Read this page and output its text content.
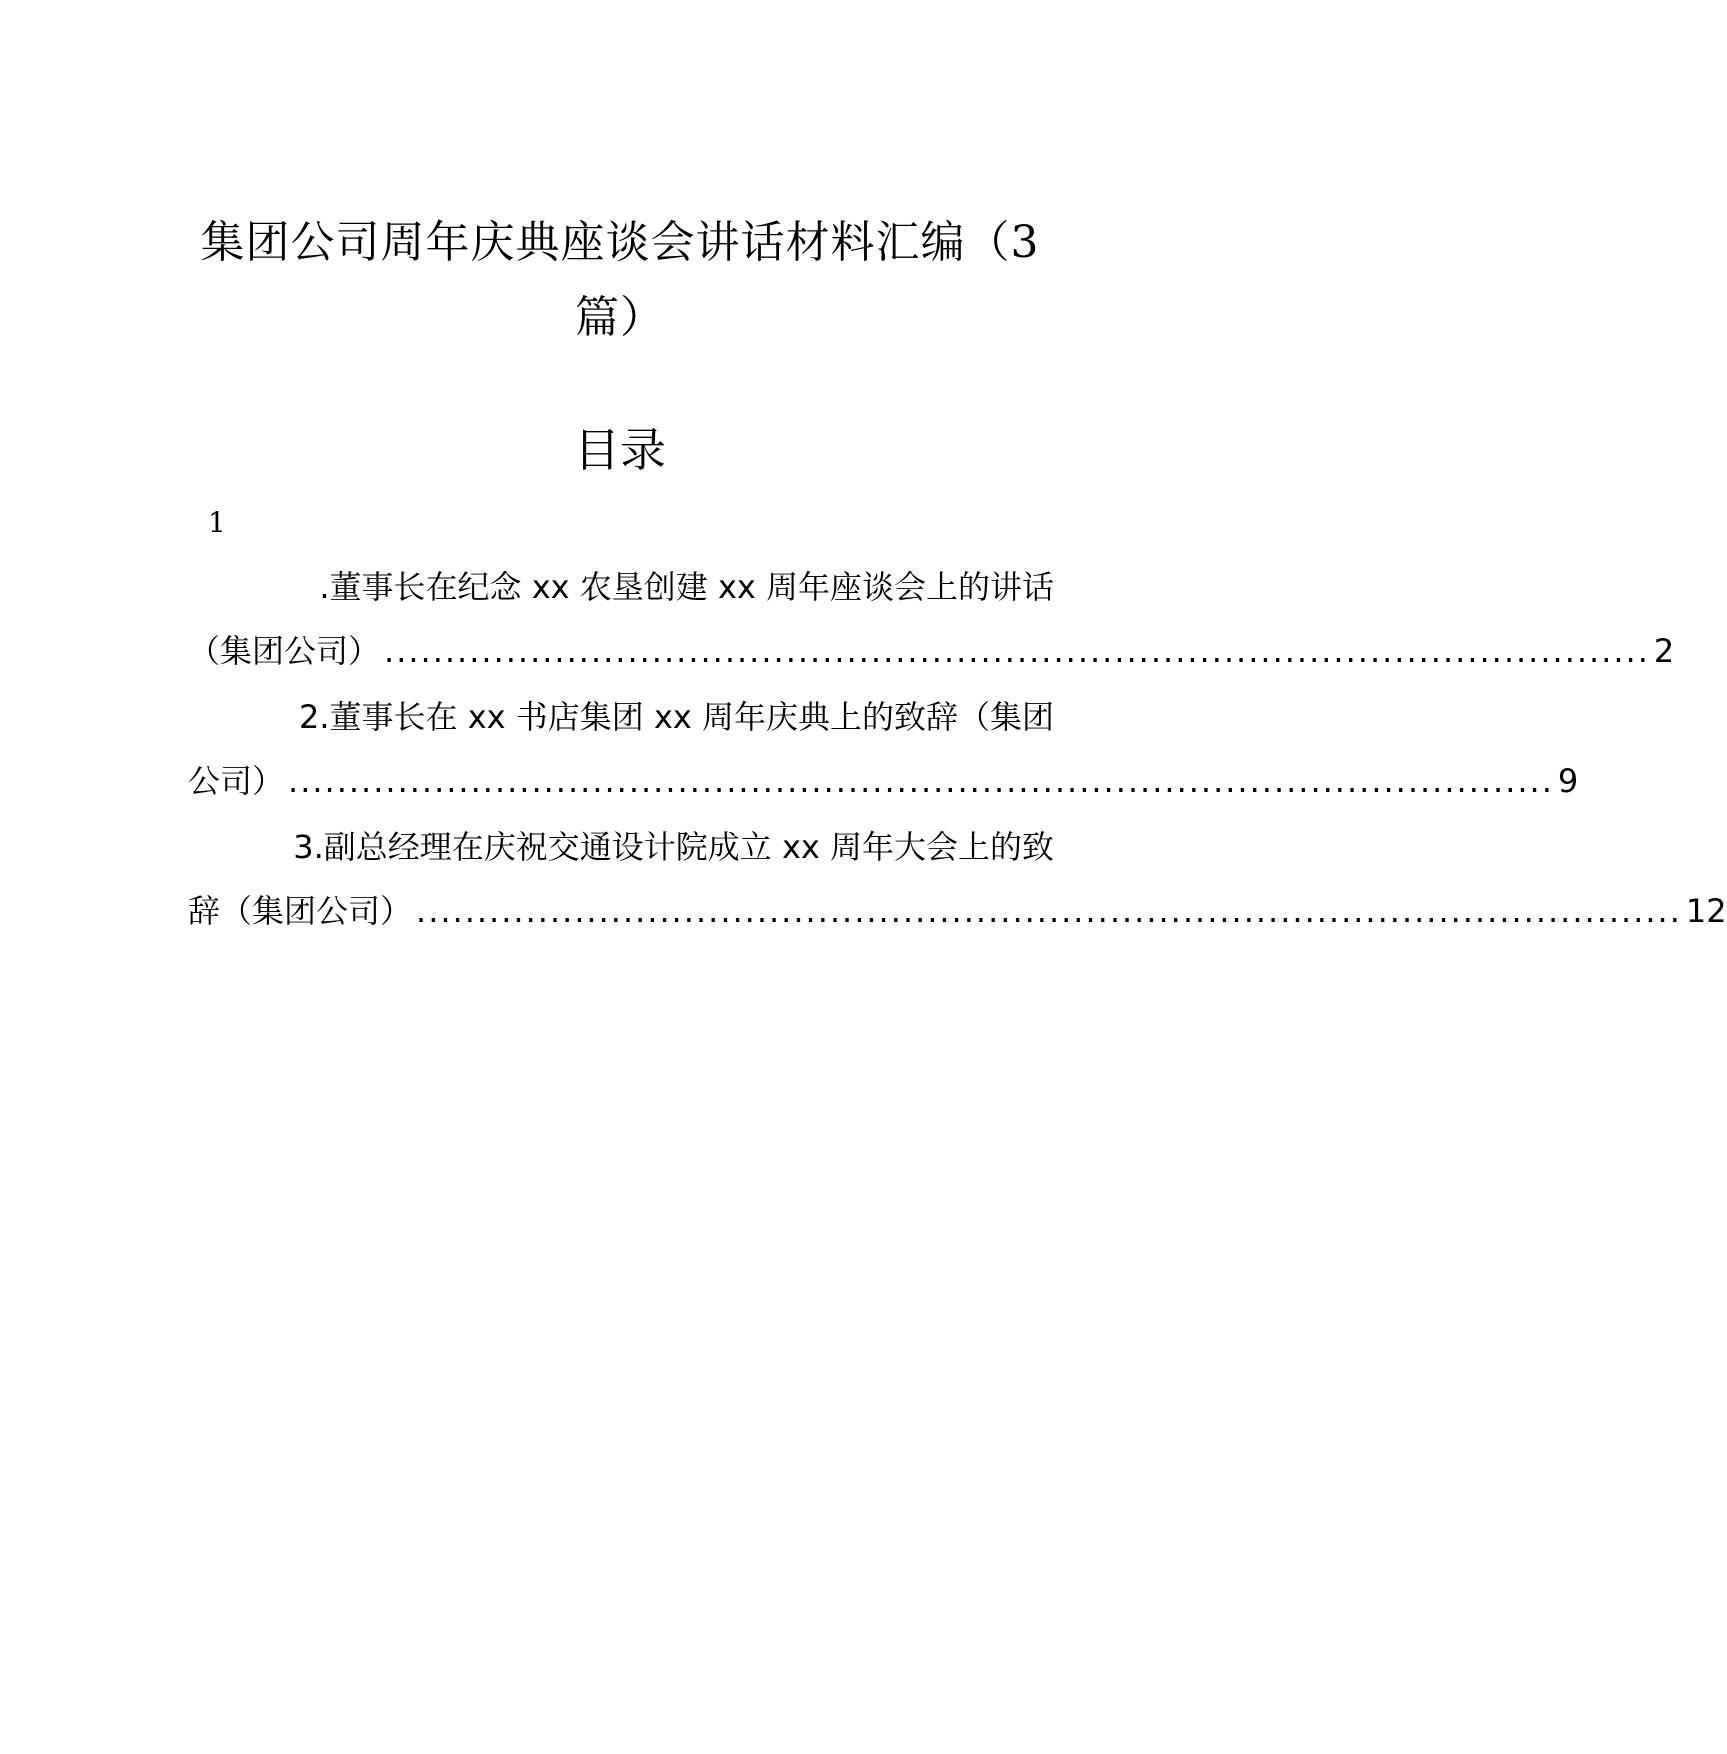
集团公司周年庆典座谈会讲话材料汇编（3
篇）
目录
1
.董事长在纪念 xx 农垦创建 xx 周年座谈会上的讲话
（集团公司） ........................................................................................................ 2
2.董事长在 xx 书店集团 xx 周年庆典上的致辞（集团
公司） ........................................................................................................ 9
3.副总经理在庆祝交通设计院成立 xx 周年大会上的致
辞（集团公司） ........................................................................................................ 12
